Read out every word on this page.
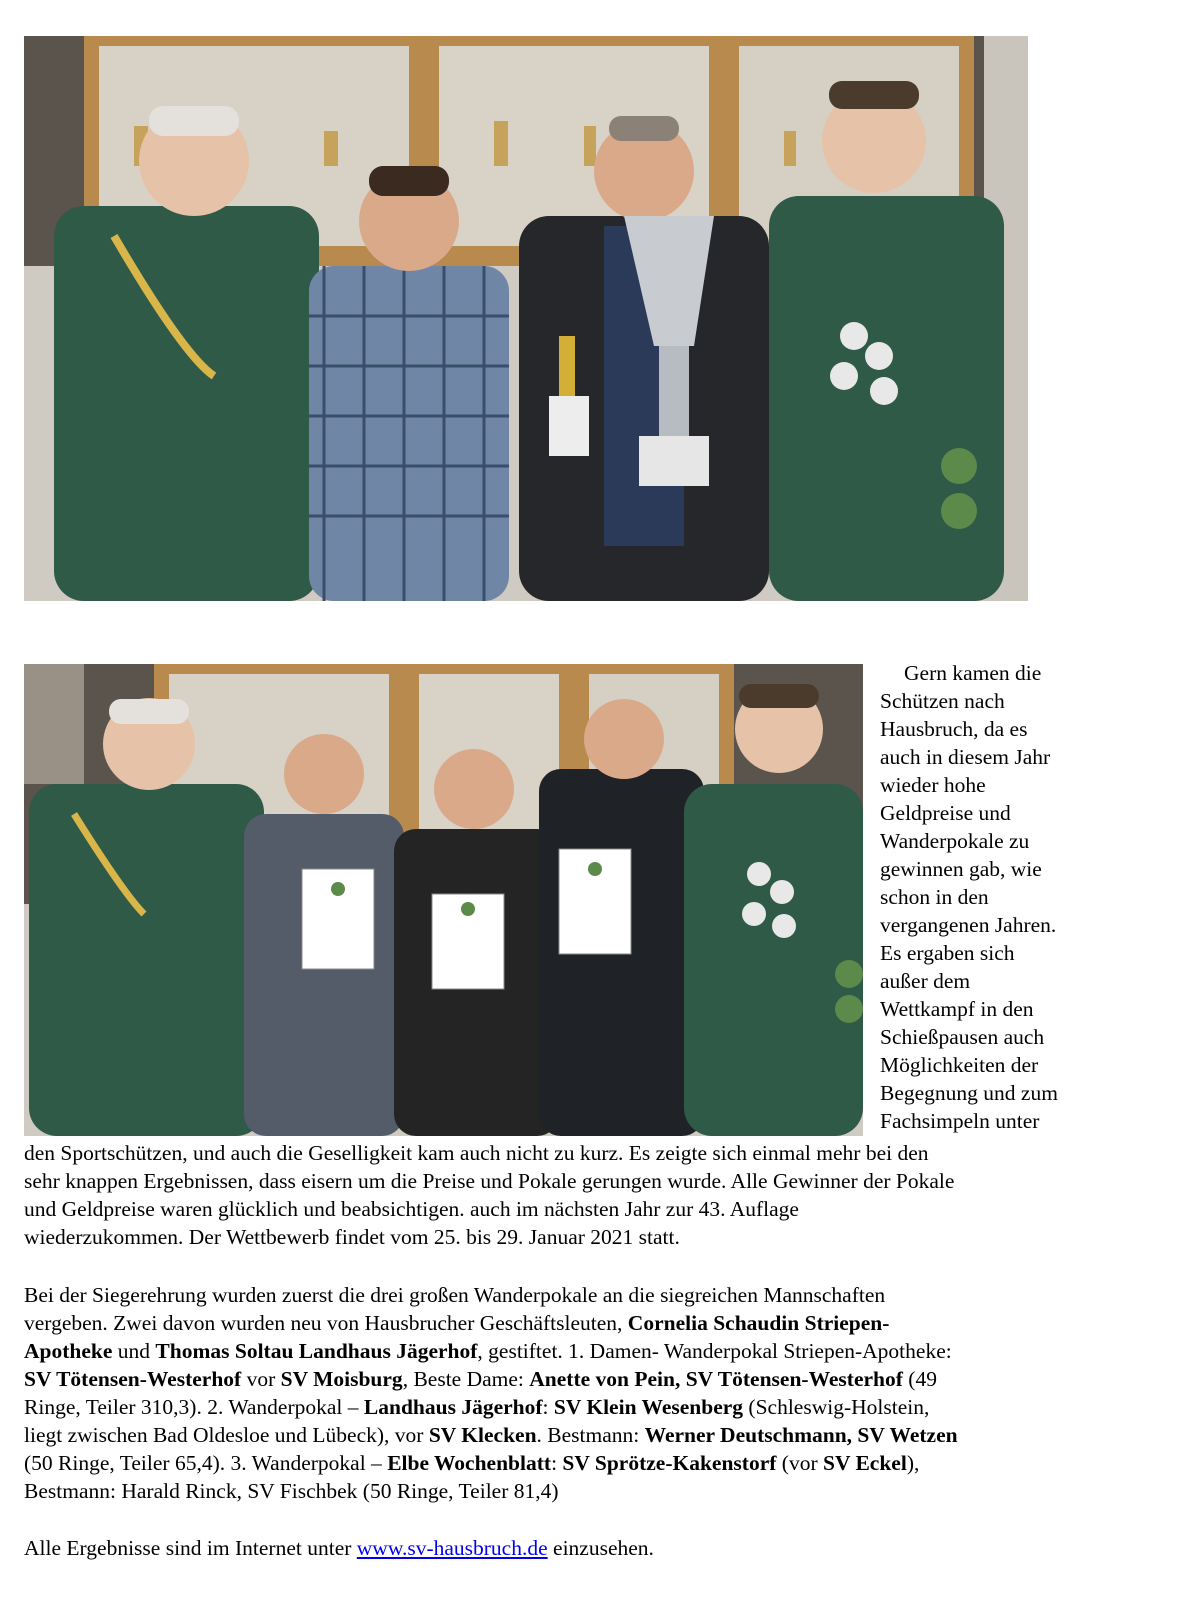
Gern kamen die
Schützen nach
Hausbruch, da es
auch in diesem Jahr
wieder hohe
Geldpreise und
Wanderpokale zu
gewinnen gab, wie
schon in den
vergangenen Jahren.
Es ergaben sich
außer dem
Wettkampf in den
Schießpausen auch
Möglichkeiten der
Begegnung und zum
Fachsimpeln unter
den Sportschützen, und auch die Geselligkeit kam auch nicht zu kurz. Es zeigte sich einmal mehr bei den
sehr knappen Ergebnissen, dass eisern um die Preise und Pokale gerungen wurde. Alle Gewinner der Pokale
und Geldpreise waren glücklich und beabsichtigen. auch im nächsten Jahr zur 43. Auflage
wiederzukommen. Der Wettbewerb findet vom 25. bis 29. Januar 2021 statt.
Bei der Siegerehrung wurden zuerst die drei großen Wanderpokale an die siegreichen Mannschaften
vergeben. Zwei davon wurden neu von Hausbrucher Geschäftsleuten, Cornelia Schaudin Striepen-
Apotheke und Thomas Soltau Landhaus Jägerhof, gestiftet. 1. Damen- Wanderpokal Striepen-Apotheke:
SV Tötensen-Westerhof vor SV Moisburg, Beste Dame: Anette von Pein, SV Tötensen-Westerhof (49
Ringe, Teiler 310,3). 2. Wanderpokal – Landhaus Jägerhof: SV Klein Wesenberg (Schleswig-Holstein,
liegt zwischen Bad Oldesloe und Lübeck), vor SV Klecken. Bestmann: Werner Deutschmann, SV Wetzen
(50 Ringe, Teiler 65,4). 3. Wanderpokal – Elbe Wochenblatt: SV Sprötze-Kakenstorf (vor SV Eckel),
Bestmann: Harald Rinck, SV Fischbek (50 Ringe, Teiler 81,4)
Alle Ergebnisse sind im Internet unter www.sv-hausbruch.de einzusehen.
